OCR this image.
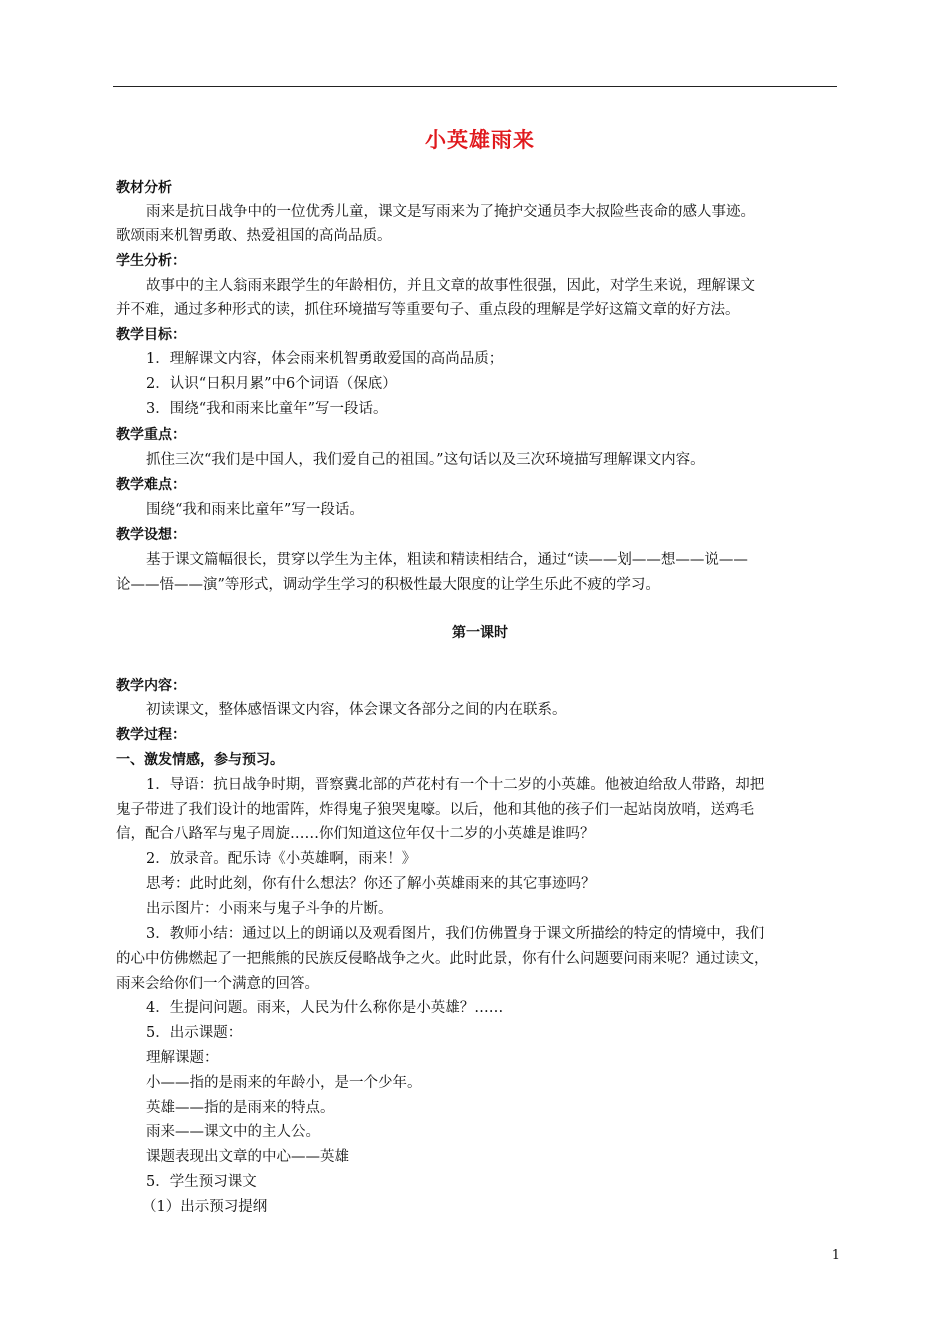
小英雄雨来
教材分析
雨来是抗日战争中的一位优秀儿童，课文是写雨来为了掩护交通员李大叔险些丧命的感人事迹。
歌颂雨来机智勇敢、热爱祖国的高尚品质。
学生分析：
故事中的主人翁雨来跟学生的年龄相仿，并且文章的故事性很强，因此，对学生来说，理解课文
并不难，通过多种形式的读，抓住环境描写等重要句子、重点段的理解是学好这篇文章的好方法。
教学目标：
1．理解课文内容，体会雨来机智勇敢爱国的高尚品质；
2．认识“日积月累”中6个词语（保底）
3．围绕“我和雨来比童年”写一段话。
教学重点：
抓住三次“我们是中国人，我们爱自己的祖国。”这句话以及三次环境描写理解课文内容。
教学难点：
围绕“我和雨来比童年”写一段话。
教学设想：
基于课文篇幅很长，贯穿以学生为主体，粗读和精读相结合，通过“读——划——想——说——
论——悟——演”等形式，调动学生学习的积极性最大限度的让学生乐此不疲的学习。
第一课时
教学内容：
初读课文，整体感悟课文内容，体会课文各部分之间的内在联系。
教学过程：
一、激发情感，参与预习。
1．导语：抗日战争时期，晋察冀北部的芦花村有一个十二岁的小英雄。他被迫给敌人带路，却把
鬼子带进了我们设计的地雷阵，炸得鬼子狼哭鬼嚎。以后，他和其他的孩子们一起站岗放哨，送鸡毛
信，配合八路军与鬼子周旋……你们知道这位年仅十二岁的小英雄是谁吗？
2．放录音。配乐诗《小英雄啊，雨来！》
思考：此时此刻，你有什么想法？你还了解小英雄雨来的其它事迹吗？
出示图片：小雨来与鬼子斗争的片断。
3．教师小结：通过以上的朗诵以及观看图片，我们仿佛置身于课文所描绘的特定的情境中，我们
的心中仿佛燃起了一把熊熊的民族反侵略战争之火。此时此景，你有什么问题要问雨来呢？通过读文，
雨来会给你们一个满意的回答。
4．生提问问题。雨来，人民为什么称你是小英雄？……
5．出示课题：
理解课题：
小——指的是雨来的年龄小，是一个少年。
英雄——指的是雨来的特点。
雨来——课文中的主人公。
课题表现出文章的中心——英雄
5．学生预习课文
（1）出示预习提纲
1
